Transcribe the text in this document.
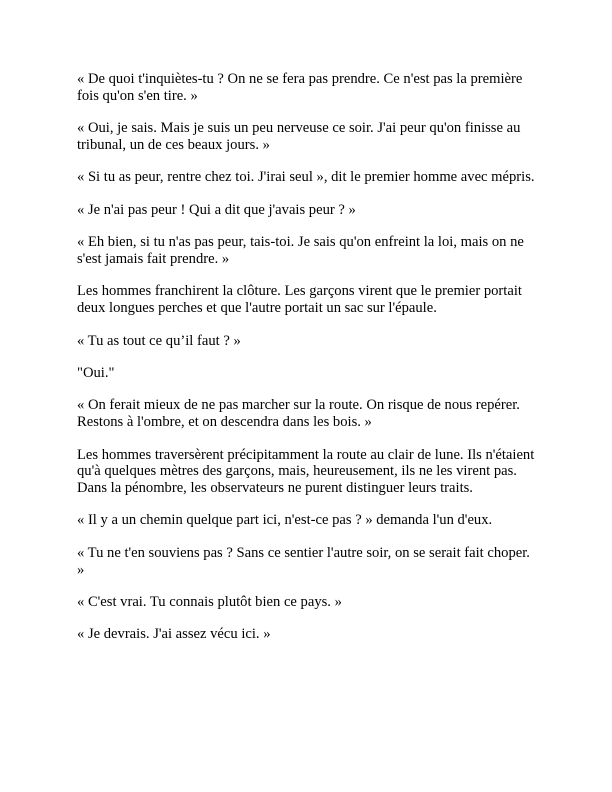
« De quoi t'inquiètes-tu ? On ne se fera pas prendre. Ce n'est pas la première fois qu'on s'en tire. »

« Oui, je sais. Mais je suis un peu nerveuse ce soir. J'ai peur qu'on finisse au tribunal, un de ces beaux jours. »

« Si tu as peur, rentre chez toi. J'irai seul », dit le premier homme avec mépris.

« Je n'ai pas peur ! Qui a dit que j'avais peur ? »

« Eh bien, si tu n'as pas peur, tais-toi. Je sais qu'on enfreint la loi, mais on ne s'est jamais fait prendre. »

Les hommes franchirent la clôture. Les garçons virent que le premier portait deux longues perches et que l'autre portait un sac sur l'épaule.

« Tu as tout ce qu’il faut ? »

"Oui."

« On ferait mieux de ne pas marcher sur la route. On risque de nous repérer. Restons à l'ombre, et on descendra dans les bois. »

Les hommes traversèrent précipitamment la route au clair de lune. Ils n'étaient qu'à quelques mètres des garçons, mais, heureusement, ils ne les virent pas. Dans la pénombre, les observateurs ne purent distinguer leurs traits.

« Il y a un chemin quelque part ici, n'est-ce pas ? » demanda l'un d'eux.

« Tu ne t'en souviens pas ? Sans ce sentier l'autre soir, on se serait fait choper. »

« C'est vrai. Tu connais plutôt bien ce pays. »

« Je devrais. J'ai assez vécu ici. »
